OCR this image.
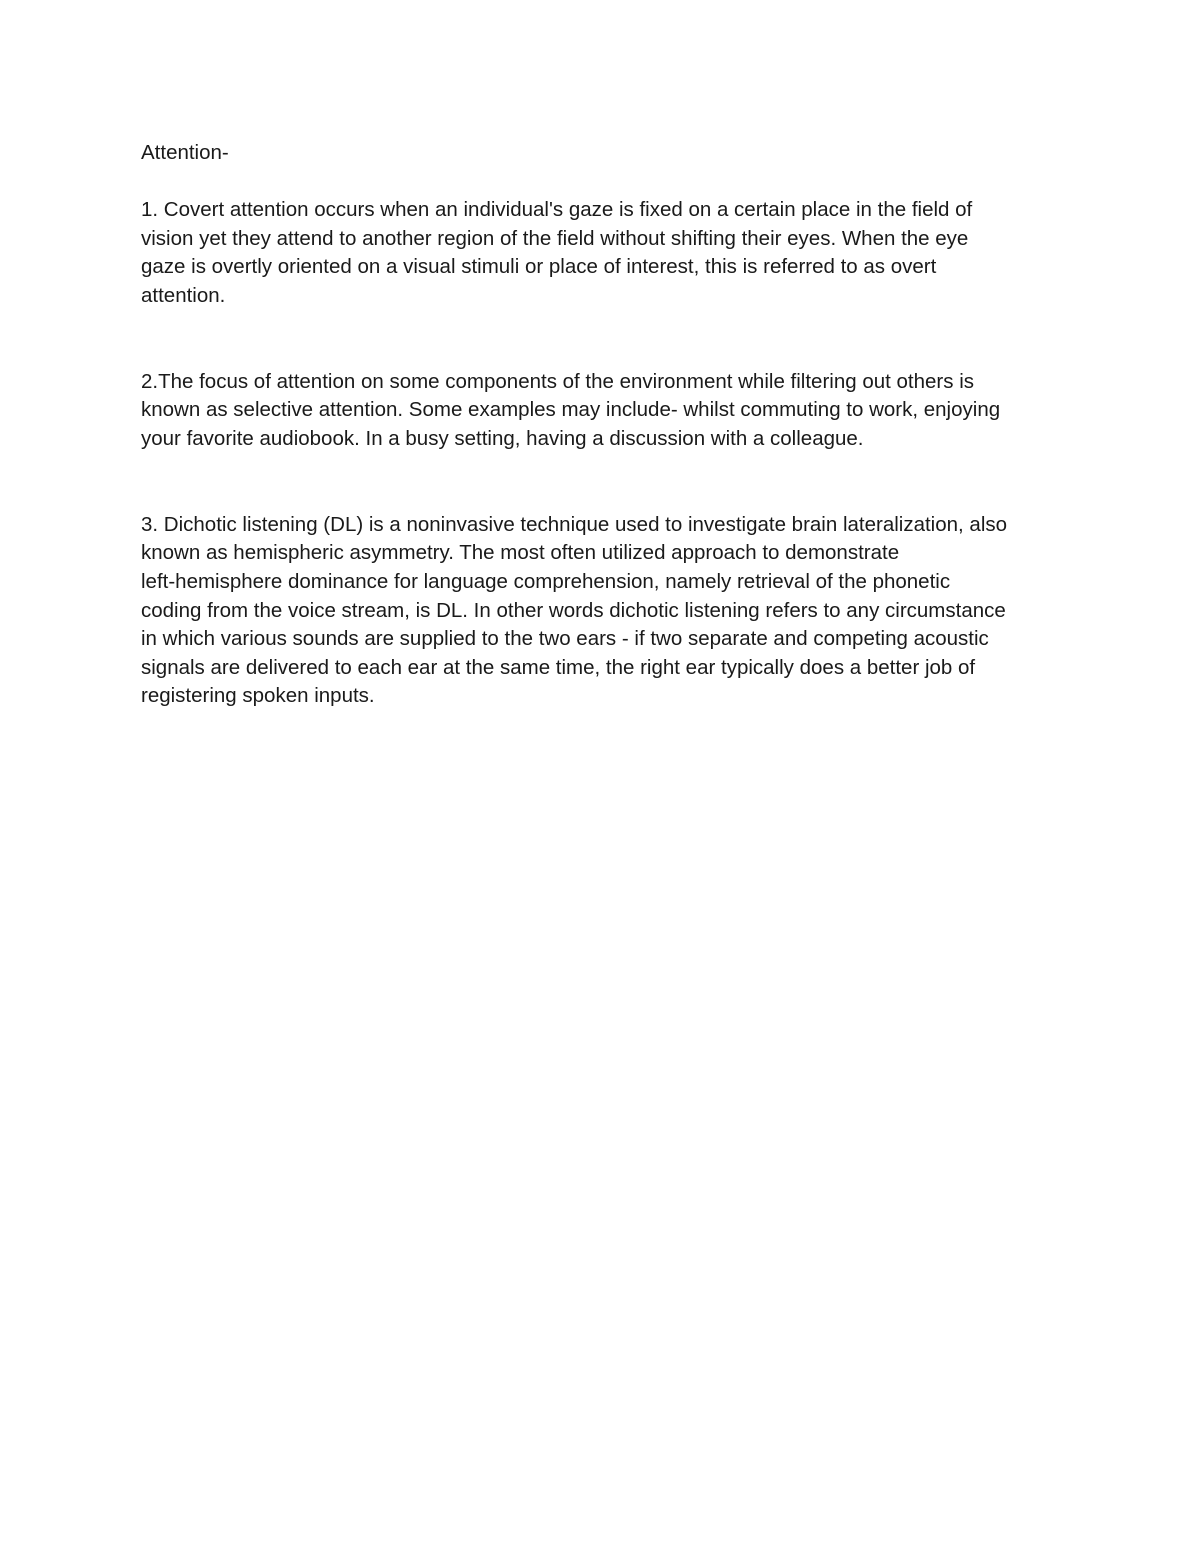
Attention-
1. Covert attention occurs when an individual's gaze is fixed on a certain place in the field of
vision yet they attend to another region of the field without shifting their eyes. When the eye
gaze is overtly oriented on a visual stimuli or place of interest, this is referred to as overt
attention.
2.The focus of attention on some components of the environment while filtering out others is
known as selective attention. Some examples may include- whilst commuting to work, enjoying
your favorite audiobook. In a busy setting, having a discussion with a colleague.
3. Dichotic listening (DL) is a noninvasive technique used to investigate brain lateralization, also
known as hemispheric asymmetry. The most often utilized approach to demonstrate
left-hemisphere dominance for language comprehension, namely retrieval of the phonetic
coding from the voice stream, is DL. In other words dichotic listening refers to any circumstance
in which various sounds are supplied to the two ears - if two separate and competing acoustic
signals are delivered to each ear at the same time, the right ear typically does a better job of
registering spoken inputs.
